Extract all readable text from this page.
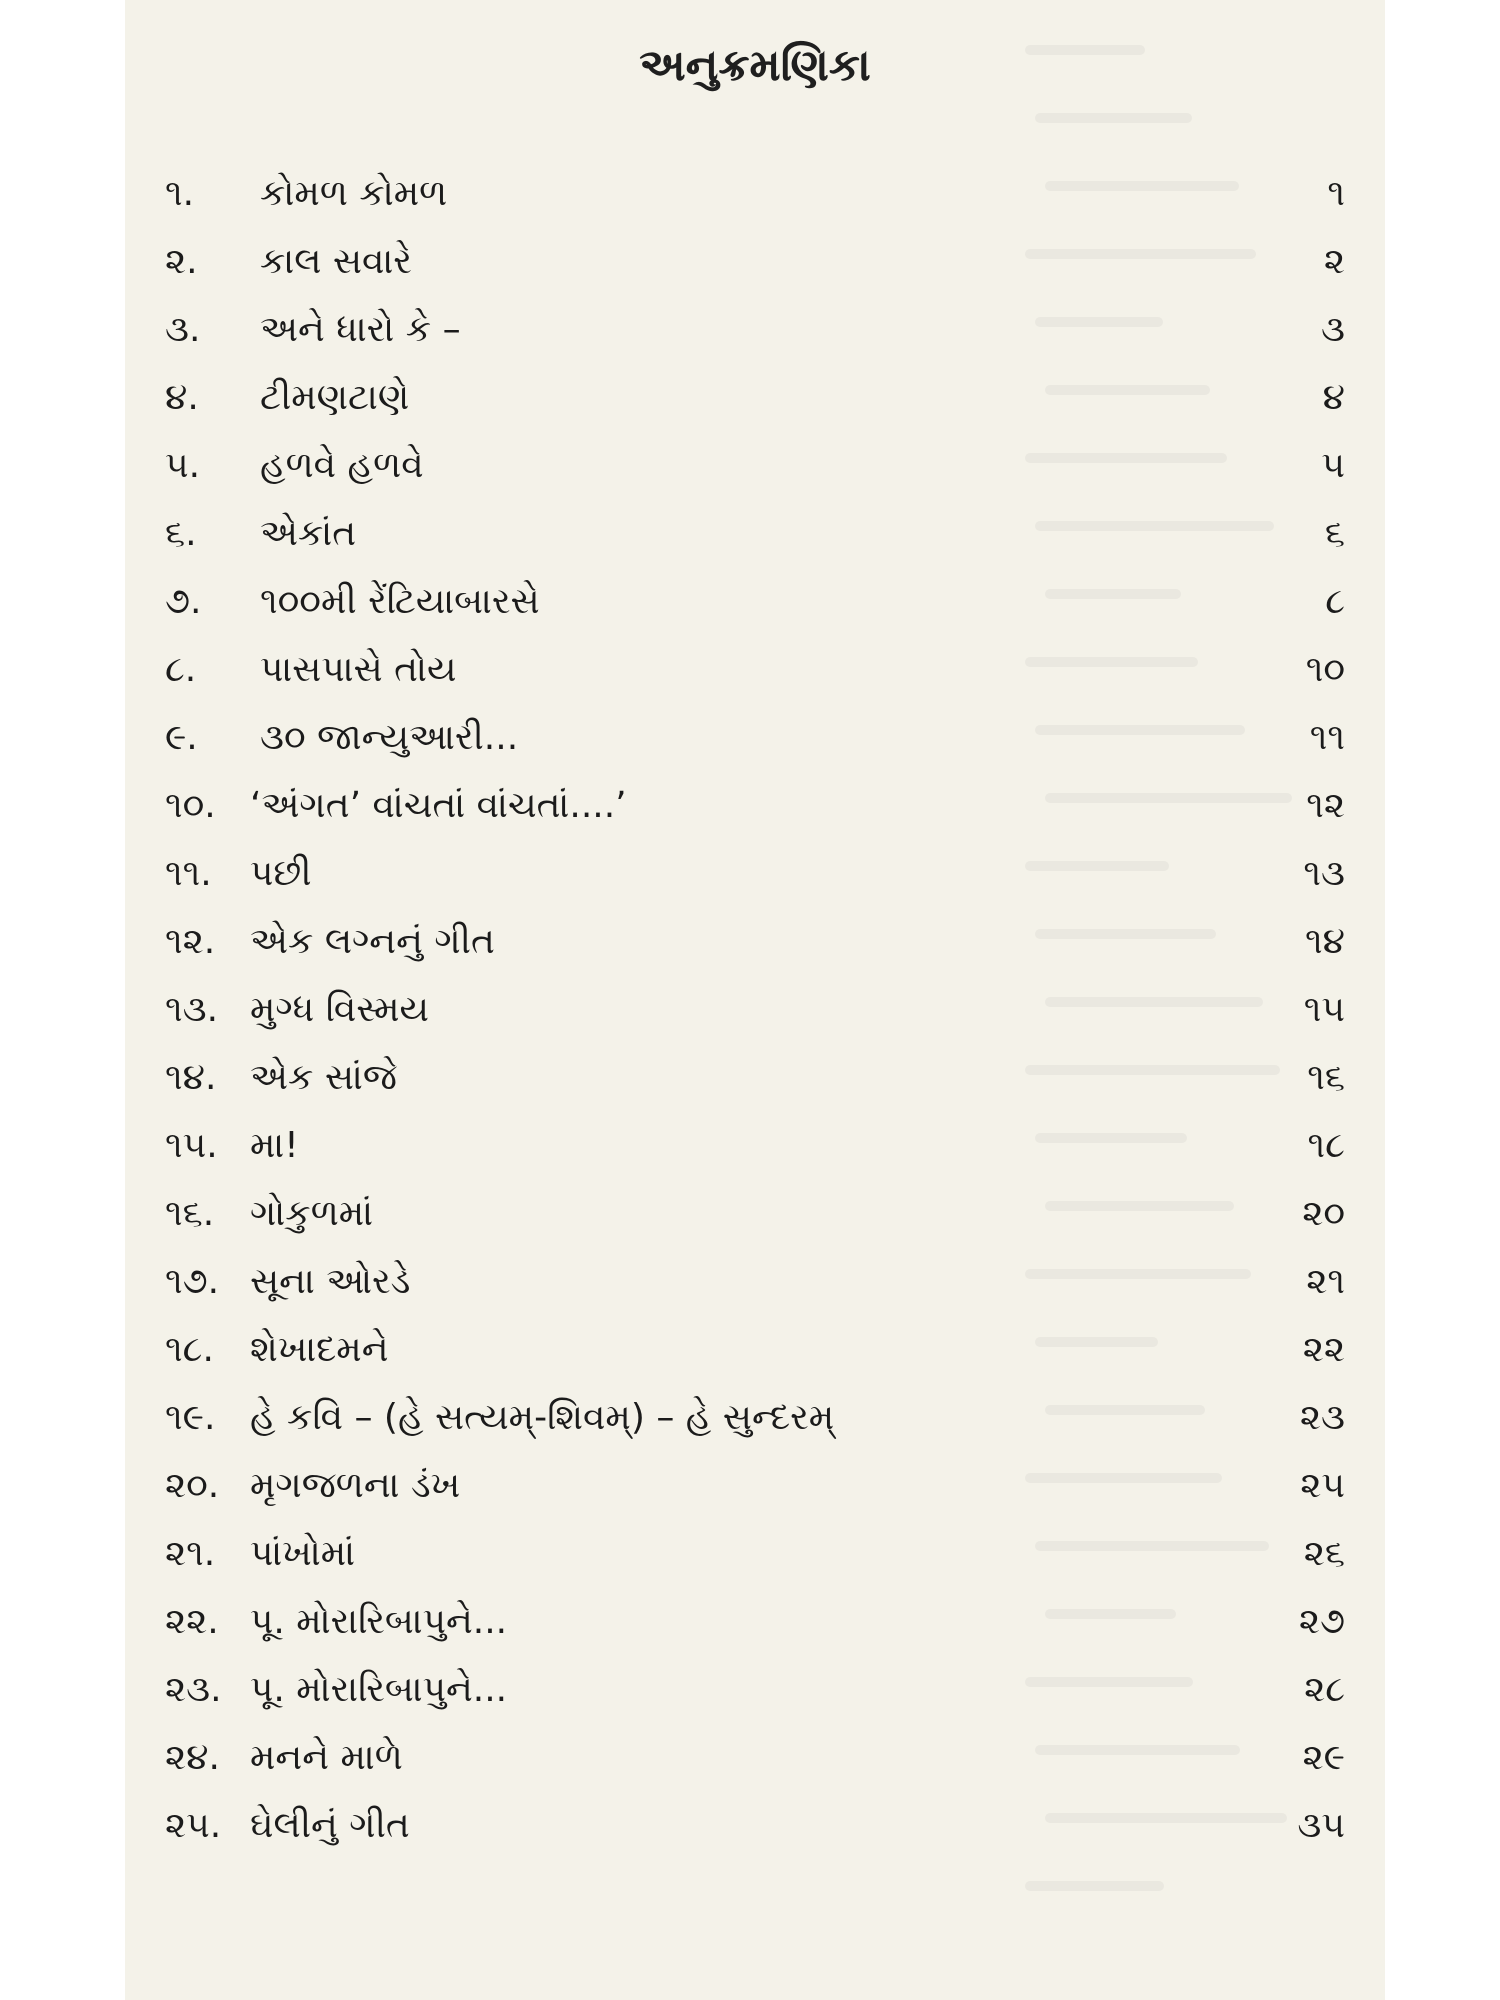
અનુક્રમણિકા
૧. કોમળ કોમળ	૧
૨. કાલ સવારે	૨
૩. અને ધારો કે –	૩
૪. ટીમણટાણે	૪
૫. હળવે હળવે	૫
૬. એકાંત	૬
૭. ૧૦૦મી રેંટિયાબારસે	૮
૮. પાસપાસે તોય	૧૦
૯. ૩૦ જાન્યુઆરી...	૧૧
૧૦. ‘અંગત’ વાંચતાં વાંચતાં....’	૧૨
૧૧. પછી	૧૩
૧૨. એક લગ્નનું ગીત	૧૪
૧૩. મુગ્ધ વિસ્મય	૧૫
૧૪. એક સાંજે	૧૬
૧૫. મા!	૧૮
૧૬. ગોકુળમાં	૨૦
૧૭. સૂના ઓરડે	૨૧
૧૮. શેખાદમને	૨૨
૧૯. હે કવિ – (હે સત્યમ્-શિવમ્) – હે સુન્દરમ્	૨૩
૨૦. મૃગજળના ડંખ	૨૫
૨૧. પાંખોમાં	૨૬
૨૨. પૂ. મોરારિબાપુને...	૨૭
૨૩. પૂ. મોરારિબાપુને...	૨૮
૨૪. મનને માળે	૨૯
૨૫. ઘેલીનું ગીત	૩૫
